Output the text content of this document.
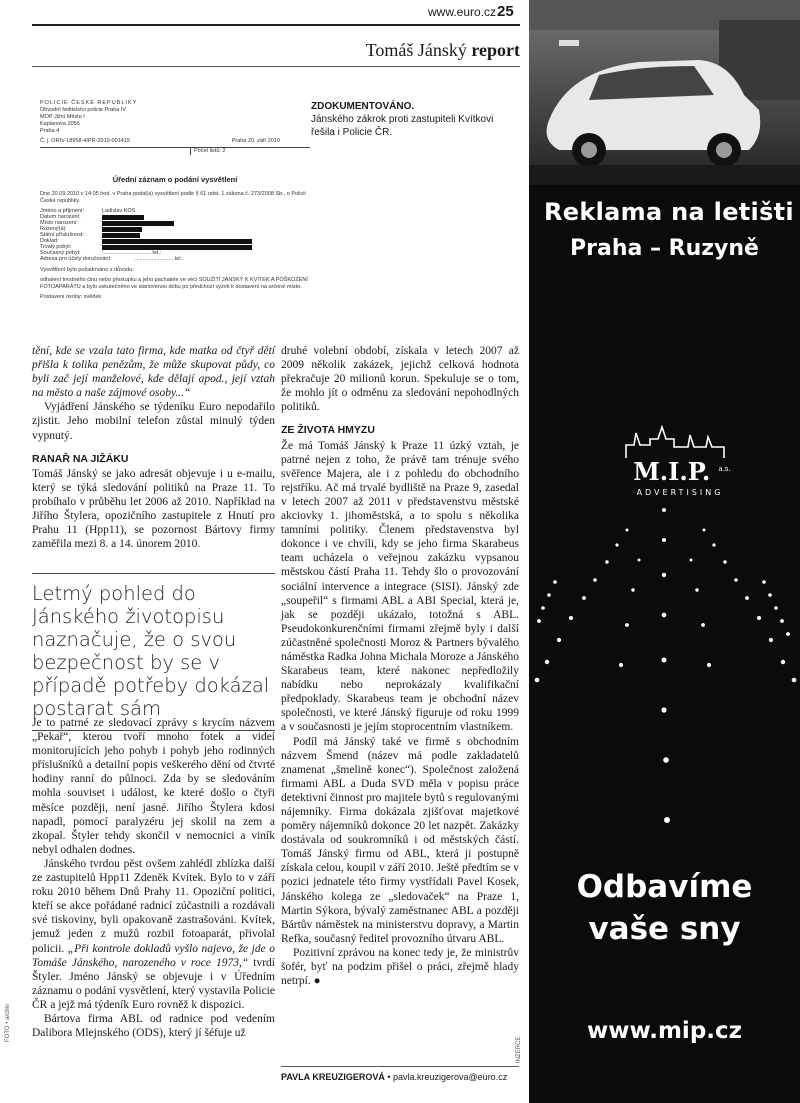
www.euro.cz 25
Tomáš Jánský report
POLICIE ČESKÉ REPUBLIKY
Obvodní ředitelství policie Praha IV
MOP Jižní Město I
Kaplanova 2056
Praha 4
Č. j. ORIV-18958-4/PŘ-2010-001415	Praha 20. září 2010
Počet listů: 2
Úřední záznam o podání vysvětlení

Dne 20.09.2010 v 14:05 hod. v Praha podal(a) vysvětlení podle § 61 odst. 1 zákona č. 273/2008 Sb., o Policii České republiky.

Jméno a příjmení:	Ladislav KOS
Datum narození:
Místo narození:
Rozený(á):
Státní příslušnost:
Doklad:
Trvalý pobyt:
Současný pobyt:	................................ tel.:
Adresa pro účely doručování:	......................... tel.:

Vysvětlení bylo požadováno z důvodu:

odhalení trestného činu nebo přestupku a jeho pachatele ve věci SOUŽITÍ JÁNSKÝ K KVÍTEK A POŠKOZENÍ FOTOAPARÁTU a bylo uskutečněno ve stanovenou dobu po předchozí výzvě k dostavení na určené místo.

Postavení osoby: svědek

ZDOKUMENTOVÁNO.
Jánského zákrok proti zastupiteli Kvítkovi řešila i Policie ČR.

tění, kde se vzala tato firma, kde matka od čtyř dětí přišla k tolika penězům, že může skupovat půdy, co byli zač její manželové, kde dělají apod., její vztah na město a naše zájmové osoby...“

Vyjádření Jánského se týdeníku Euro nepodařilo zjistit. Jeho mobilní telefon zůstal minulý týden vypnutý.

RANAŘ NA JIŽÁKU

Tomáš Jánský se jako adresát objevuje i u e-mailu, který se týká sledování politiků na Praze 11. To probíhalo v průběhu let 2006 až 2010. Například na Jiřího Štylera, opozičního zastupitele z Hnutí pro Prahu 11 (Hpp11), se pozornost Bártovy firmy zaměřila mezi 8. a 14. únorem 2010.

Letmý pohled do Jánského životopisu naznačuje, že o svou bezpečnost by se v případě potřeby dokázal postarat sám

Je to patrné ze sledovací zprávy s krycím názvem „Pekař“, kterou tvoří mnoho fotek a videí monitorujících jeho pohyb i pohyb jeho rodinných příslušníků a detailní popis veškerého dění od čtvrté hodiny ranní do půlnoci. Zda by se sledováním mohla souviset i událost, ke které došlo o čtyři měsíce později, není jasné. Jiřího Štylera kdosi napadl, pomocí paralyzéru jej skolil na zem a zkopal. Štyler tehdy skončil v nemocnici a viník nebyl odhalen dodnes.

Jánského tvrdou pěst ovšem zahlédl zblízka další ze zastupitelů Hpp11 Zdeněk Kvítek. Bylo to v září roku 2010 během Dnů Prahy 11. Opoziční politici, kteří se akce pořádané radnicí zúčastnili a rozdávali své tiskoviny, byli opakovaně zastrašováni. Kvítek, jemuž jeden z mužů rozbil fotoaparát, přivolal policii. „Při kontrole dokladů vyšlo najevo, že jde o Tomáše Jánského, narozeného v roce 1973,“ tvrdí Štyler. Jméno Jánský se objevuje i v Úředním záznamu o podání vysvětlení, který vystavila Policie ČR a jejž má týdeník Euro rovněž k dispozici.

Bártova firma ABL od radnice pod vedením Dalibora Mlejnského (ODS), který jí šéfuje už

druhé volební období, získala v letech 2007 až 2009 několik zakázek, jejichž celková hodnota překračuje 20 milionů korun. Spekuluje se o tom, že mohlo jít o odměnu za sledování nepohodlných politiků.

ZE ŽIVOTA HMYZU

Že má Tomáš Jánský k Praze 11 úzký vztah, je patrné nejen z toho, že právě tam trénuje svého svěřence Majera, ale i z pohledu do obchodního rejstříku. Ač má trvalé bydliště na Praze 9, zasedal v letech 2007 až 2011 v představenstvu městské akciovky 1. jihoměstská, a to spolu s několika tamními politiky. Členem představenstva byl dokonce i ve chvíli, kdy se jeho firma Skarabeus team ucházela o veřejnou zakázku vypsanou městskou částí Praha 11. Tehdy šlo o provozování sociální intervence a integrace (SISI). Jánský zde „soupeřil“ s firmami ABL a ABI Special, která je, jak se později ukázalo, totožná s ABL. Pseudokonkurenčními firmami zřejmě byly i další zúčastněné společnosti Moroz & Partners bývalého náměstka Radka Johna Michala Moroze a Jánského Skarabeus team, které nakonec nepředložily nabídku nebo neprokázaly kvalifikační předpoklady. Skarabeus team je obchodní název společnosti, ve které Jánský figuruje od roku 1999 a v současnosti je jejím stoprocentním vlastníkem.

Podíl má Jánský také ve firmě s obchodním názvem Šmend (název má podle zakladatelů znamenat „šmelině konec“). Společnost založená firmami ABL a Duda SVD měla v popisu práce detektivní činnost pro majitele bytů s regulovanými nájemníky. Firma dokázala zjišťovat majetkové poměry nájemníků dokonce 20 let nazpět. Zakázky dostávala od soukromníků i od městských částí. Tomáš Jánský firmu od ABL, která ji postupně získala celou, koupil v září 2010. Ještě předtím se v pozici jednatele této firmy vystřídali Pavel Kosek, Jánského kolega ze „sledovaček“ na Praze 1, Martin Sýkora, bývalý zaměstnanec ABL a později Bártův náměstek na ministerstvu dopravy, a Martin Refka, současný ředitel provozního útvaru ABL.

Pozitivní zprávou na konec tedy je, že ministrův šofér, byť na podzim přišel o práci, zřejmě hlady netrpí. ●

PAVLA KREUZIGEROVÁ • pavla.kreuzigerova@euro.cz
FOTO • archiv
INZERCE
Reklama na letišti
Praha – Ruzyně
M.I.P. $^{a.s.}$
ADVERTISING
Odbavíme
vaše sny
www.mip.cz
